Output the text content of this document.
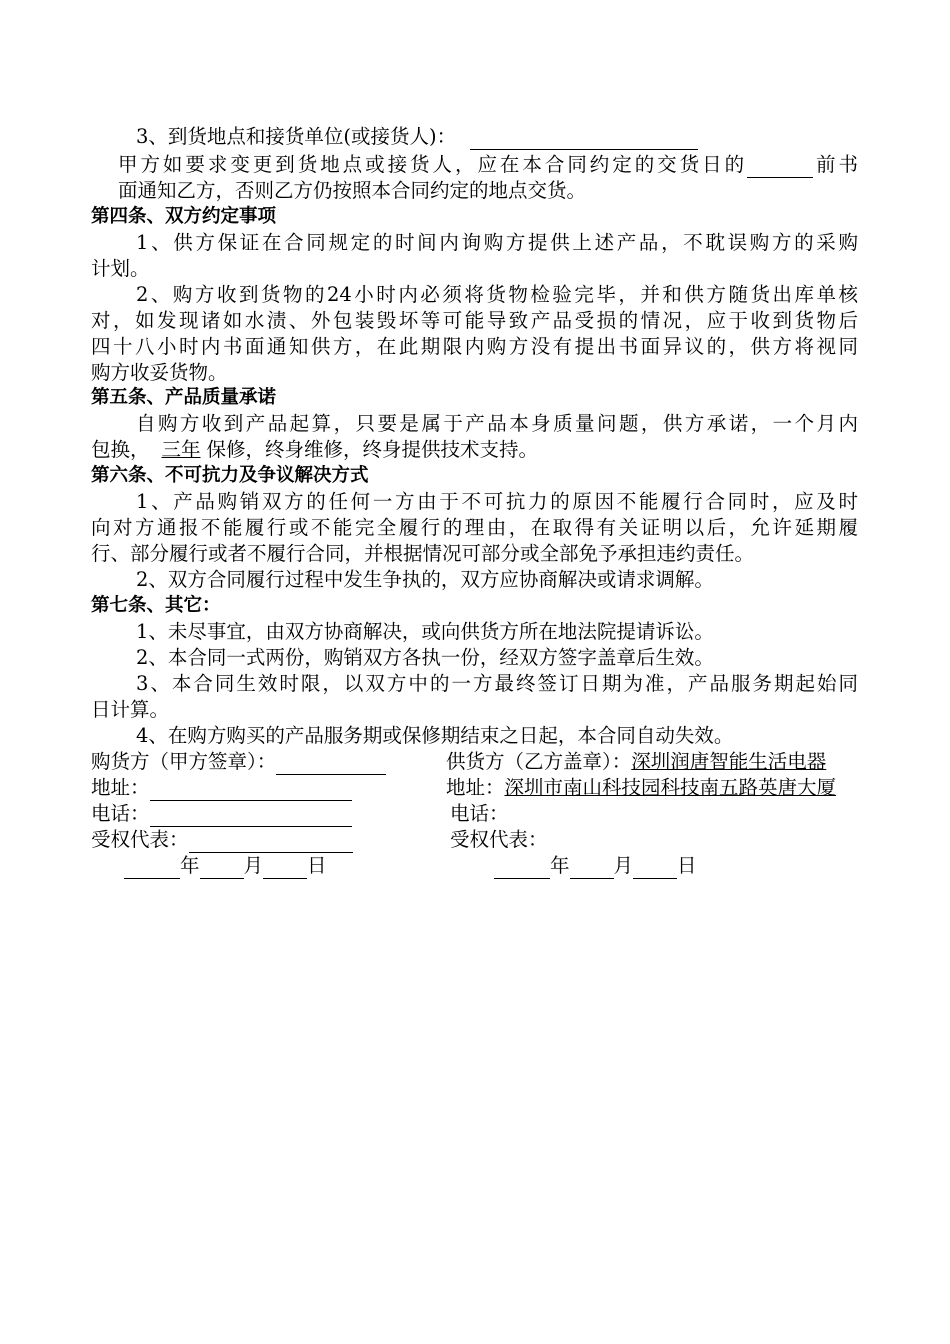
3、到货地点和接货单位(或接货人)：
甲方如要求变更到货地点或接货人，应在本合同约定的交货日的	前书
面通知乙方，否则乙方仍按照本合同约定的地点交货。
第四条、双方约定事项
1、供方保证在合同规定的时间内询购方提供上述产品，不耽误购方的采购
计划。
2、购方收到货物的24小时内必须将货物检验完毕，并和供方随货出库单核
对，如发现诸如水渍、外包装毁坏等可能导致产品受损的情况，应于收到货物后
四十八小时内书面通知供方，在此期限内购方没有提出书面异议的，供方将视同
购方收妥货物。
第五条、产品质量承诺
自购方收到产品起算，只要是属于产品本身质量问题，供方承诺，一个月内
包换， 三年 保修，终身维修，终身提供技术支持。
第六条、不可抗力及争议解决方式
1、产品购销双方的任何一方由于不可抗力的原因不能履行合同时，应及时
向对方通报不能履行或不能完全履行的理由，在取得有关证明以后，允许延期履
行、部分履行或者不履行合同，并根据情况可部分或全部免予承担违约责任。
2、双方合同履行过程中发生争执的，双方应协商解决或请求调解。
第七条、其它：
1、未尽事宜，由双方协商解决，或向供货方所在地法院提请诉讼。
2、本合同一式两份，购销双方各执一份，经双方签字盖章后生效。
3、本合同生效时限，以双方中的一方最终签订日期为准，产品服务期起始同
日计算。
4、在购方购买的产品服务期或保修期结束之日起，本合同自动失效。
购货方（甲方签章）：	供货方（乙方盖章）：深圳润唐智能生活电器
地址：	地址：深圳市南山科技园科技南五路英唐大厦
电话：	电话：
受权代表：	受权代表：
年 月 日	年 月 日
